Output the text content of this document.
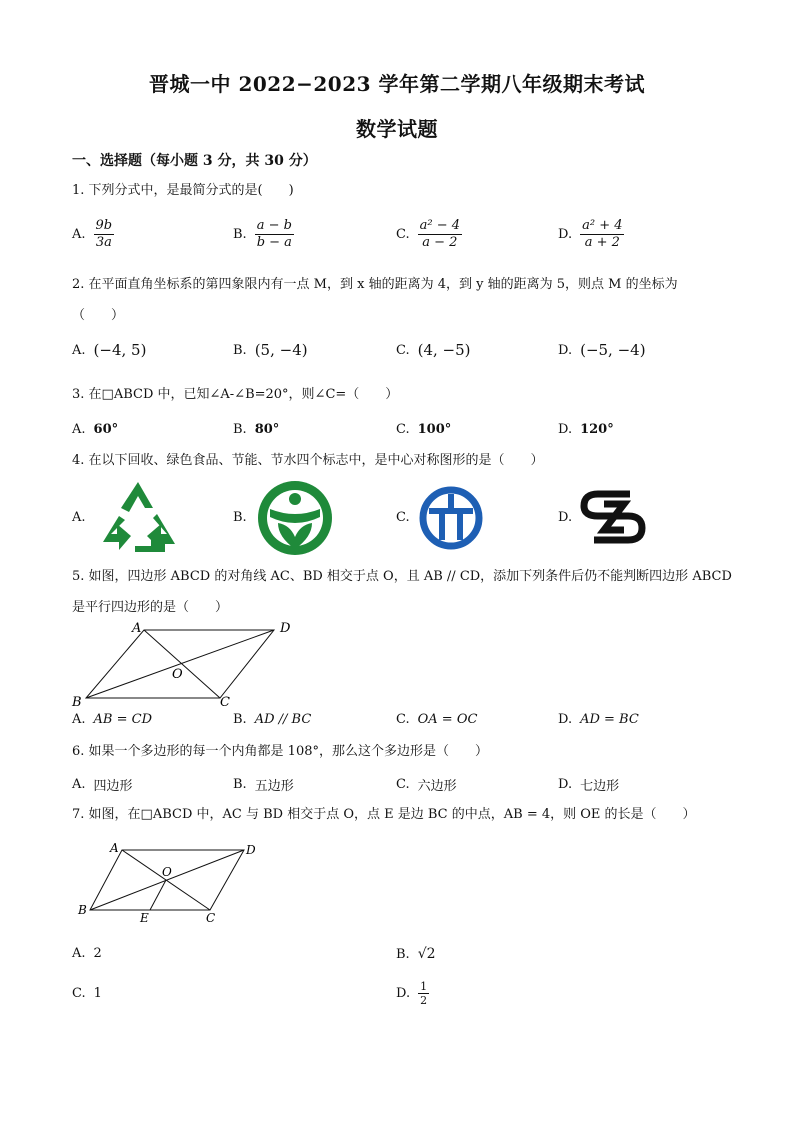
晋城一中 2022−2023 学年第二学期八年级期末考试
数学试题
一、选择题（每小题 3 分，共 30 分）
1. 下列分式中，是最简分式的是(　　)
A. $\frac{9b}{3a}$	B. $\frac{a - b}{b - a}$	C. $\frac{\text{a² − 4}}{a - 2}$	D. $\frac{\text{a² + 4}}{a + 2}$
2. 在平面直角坐标系的第四象限内有一点 M，到 x 轴的距离为 4，到 y 轴的距离为 5，则点 M 的坐标为
（　　）
A. (−4, 5)	B. (5, −4)	C. (4, −5)	D. (−5, −4)
3. 在□ABCD 中，已知∠A-∠B=20°，则∠C=（　　）
A. 60°	B. 80°	C. 100°	D. 120°
4. 在以下回收、绿色食品、节能、节水四个标志中，是中心对称图形的是（　　）
A.	B.	C.	D.
5. 如图，四边形 ABCD 的对角线 AC、BD 相交于点 O，且 AB // CD，添加下列条件后仍不能判断四边形 ABCD
是平行四边形的是（　　）
A	D
O
B	C
A. AB = CD	B. AD // BC	C. OA = OC	D. AD = BC
6. 如果一个多边形的每一个内角都是 108°，那么这个多边形是（　　）
A. 四边形	B. 五边形	C. 六边形	D. 七边形
7. 如图，在□ABCD 中，AC 与 BD 相交于点 O，点 E 是边 BC 的中点，AB = 4，则 OE 的长是（　　）
A	D
O
B
E	C
A. 2	B. √2
C. 1	D. $\frac{1}{2}$
